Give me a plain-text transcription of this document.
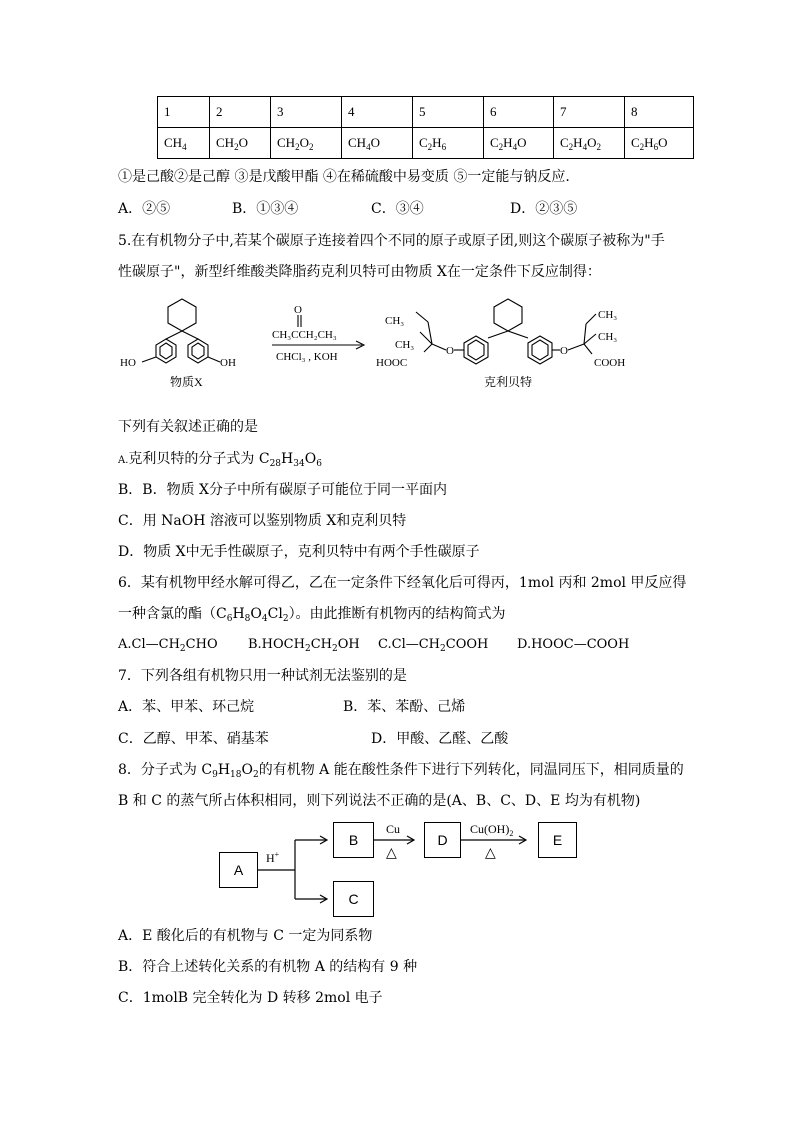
1	2	3	4	5	6	7	8
$CH_4$	$CH_2O$	$CH_2O_2$	$CH_4O$	$C_2H_6$	$C_2H_4O$	$C_2H_4O_2$	$C_2H_6O$
①是己酸②是己醇 ③是戊酸甲酯 ④在稀硫酸中易变质 ⑤一定能与钠反应.
A．②⑤	B．①③④	C．③④	D．②③⑤
5.在有机物分子中,若某个碳原子连接着四个不同的原子或原子团,则这个碳原子被称为"手
性碳原子"，新型纤维酸类降脂药克利贝特可由物质 X在一定条件下反应制得：
HO	OH
物质X
O
CH₃CCH₂CH₃
CHCl₃ , KOH
CH₃
CH₃
HOOC
O	O
CH₃
CH₃
COOH
克利贝特
下列有关叙述正确的是
A.克利贝特的分子式为 $C_{28}H_{34}O_6$
B．B．物质 X分子中所有碳原子可能位于同一平面内
C．用 NaOH 溶液可以鉴别物质 X和克利贝特
D．物质 X中无手性碳原子，克利贝特中有两个手性碳原子
6．某有机物甲经水解可得乙，乙在一定条件下经氧化后可得丙，1mol 丙和 2mol 甲反应得
一种含氯的酯$(C_6H_8O_4Cl_2)$。由此推断有机物丙的结构简式为
$A.Cl—CH_2CHO$ $B.HOCH_2CH_2OH$ $C.Cl—CH_2COOH$ D.HOOC—COOH
7．下列各组有机物只用一种试剂无法鉴别的是
A．苯、甲苯、环己烷	B．苯、苯酚、己烯
C．乙醇、甲苯、硝基苯	D．甲酸、乙醛、乙酸
8．分子式为 $C_9H_{18}O_2$的有机物 A 能在酸性条件下进行下列转化，同温同压下，相同质量的
B 和 C 的蒸气所占体积相同，则下列说法不正确的是(A、B、C、D、E 均为有机物)
H+
Cu
△
$Cu(OH)_2$
△
A
B
C
D	E
A．E 酸化后的有机物与 C 一定为同系物
B．符合上述转化关系的有机物 A 的结构有 9 种
C．1molB 完全转化为 D 转移 2mol 电子
